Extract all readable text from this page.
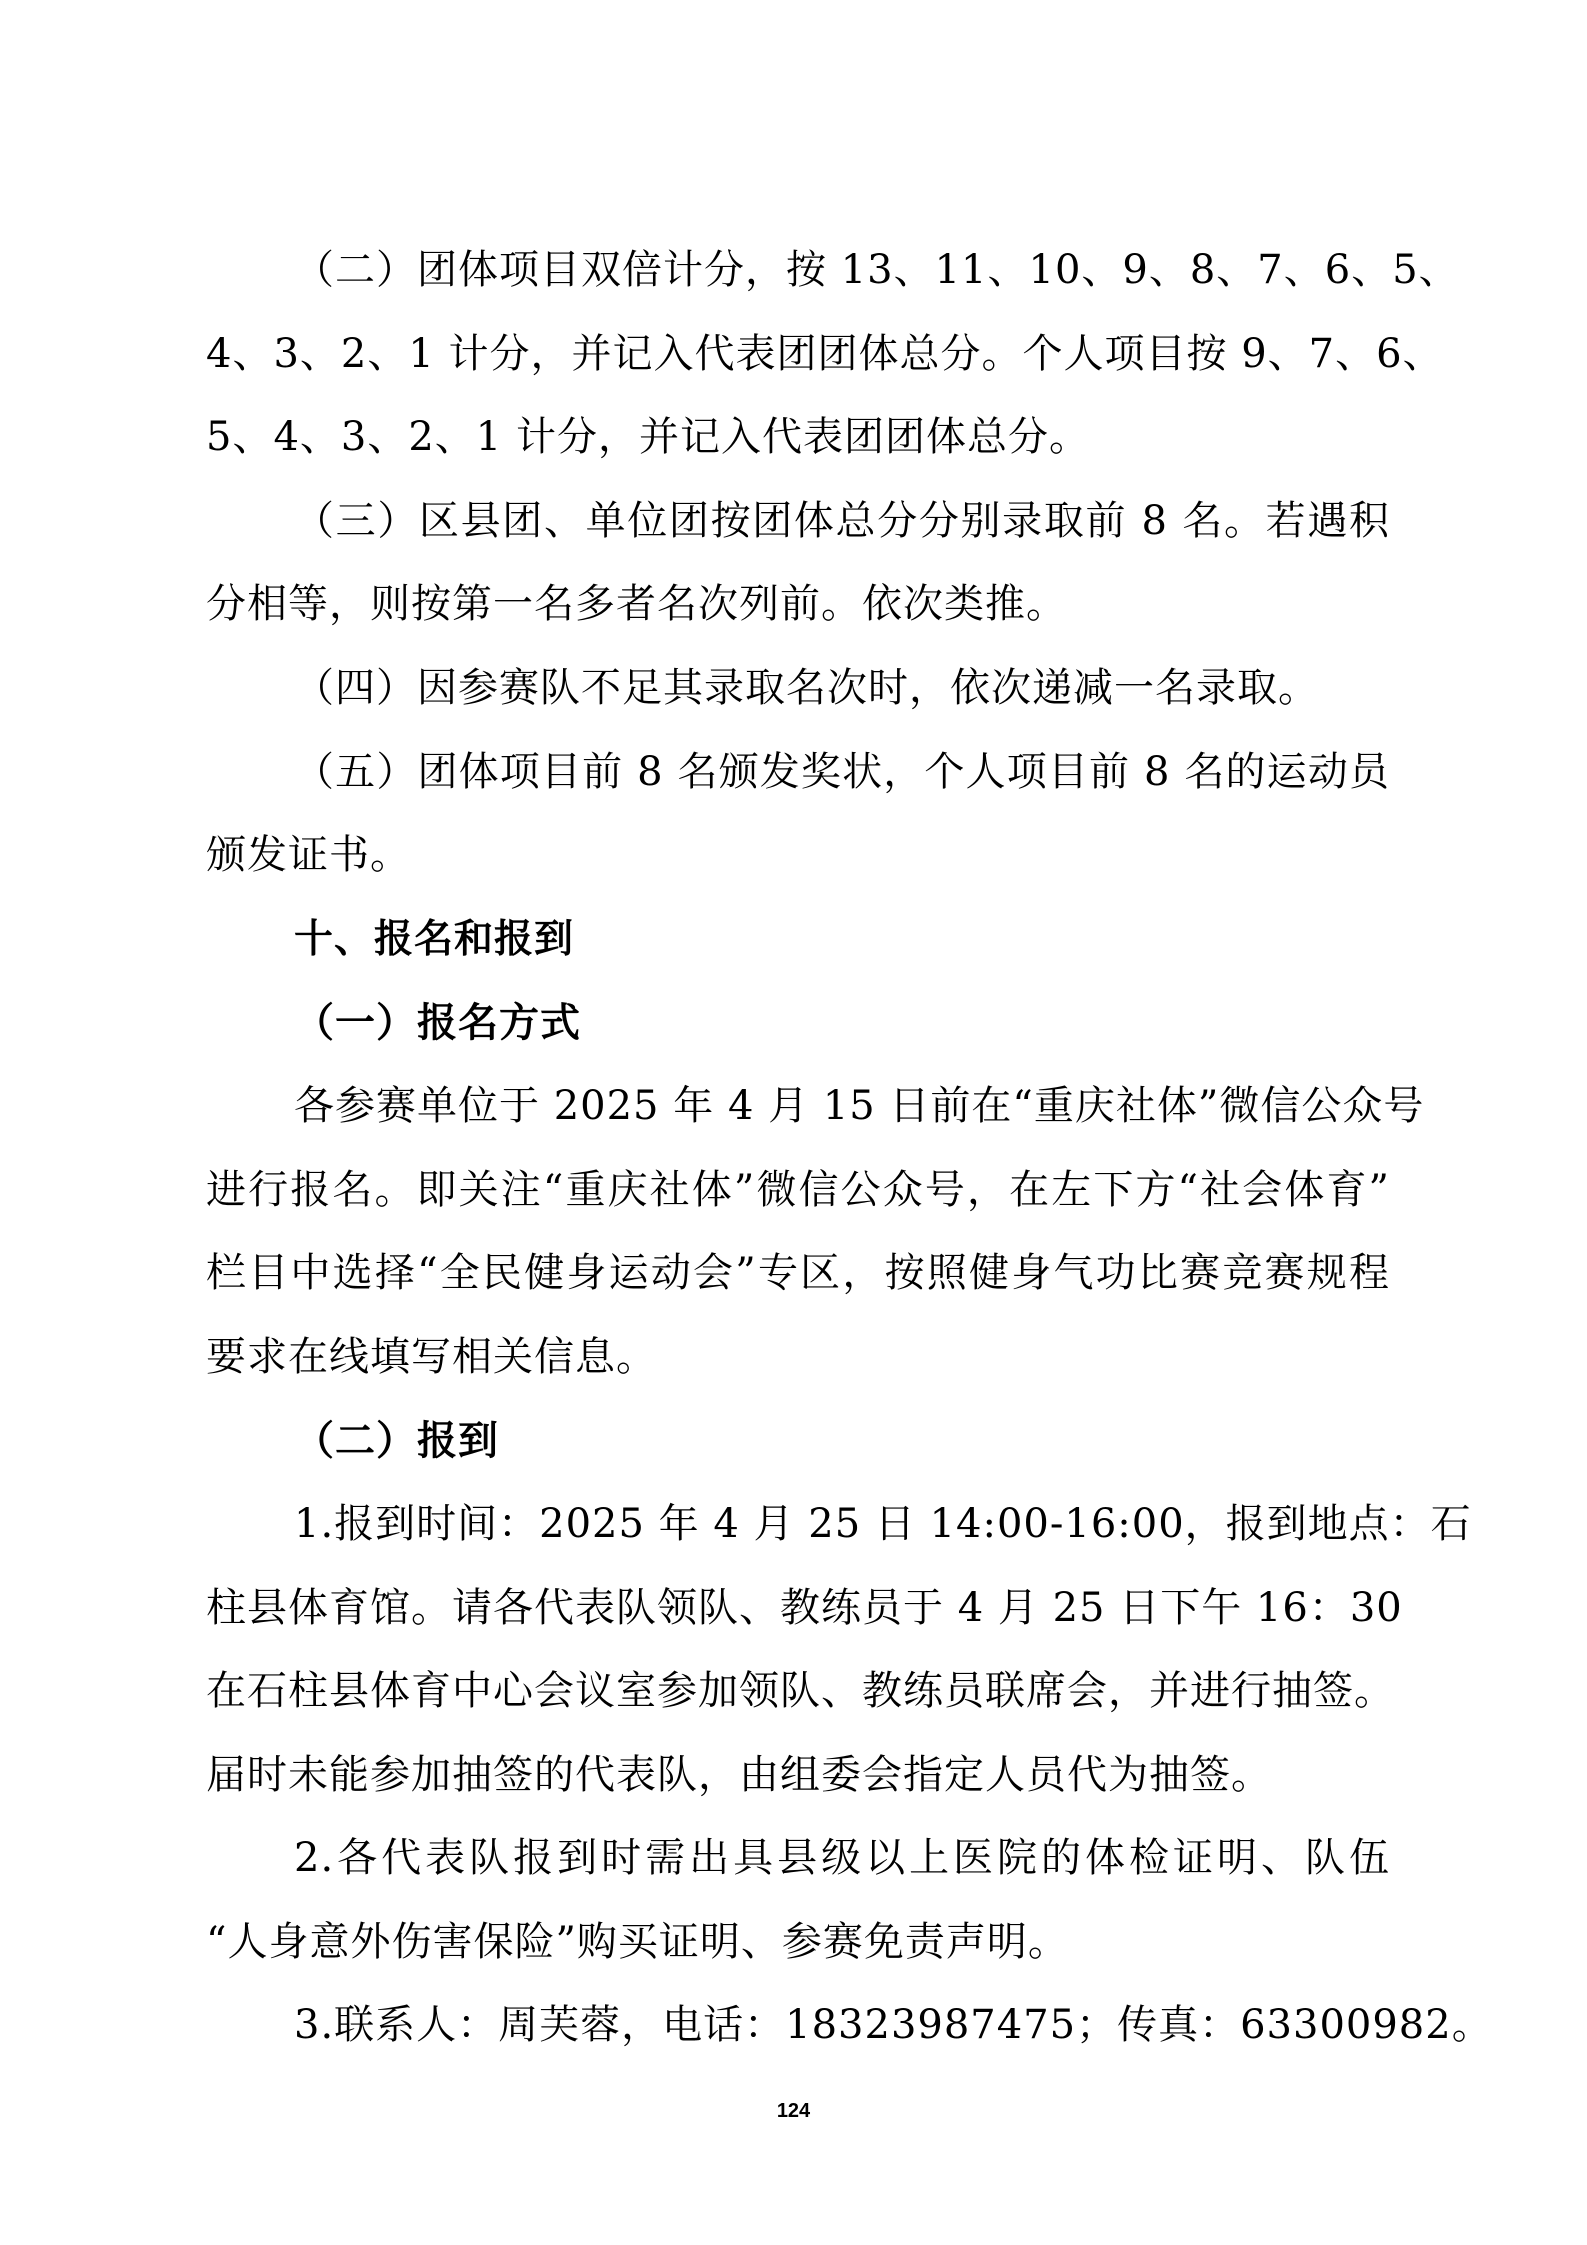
（二）团体项目双倍计分，按 13、11、10、9、8、7、6、5、
4、3、2、1 计分，并记入代表团团体总分。个人项目按 9、7、6、
5、4、3、2、1 计分，并记入代表团团体总分。
（三）区县团、单位团按团体总分分别录取前 8 名。若遇积
分相等，则按第一名多者名次列前。依次类推。
（四）因参赛队不足其录取名次时，依次递减一名录取。
（五）团体项目前 8 名颁发奖状，个人项目前 8 名的运动员
颁发证书。
十、报名和报到
（一）报名方式
各参赛单位于 2025 年 4 月 15 日前在“重庆社体”微信公众号
进行报名。即关注“重庆社体”微信公众号，在左下方“社会体育”
栏目中选择“全民健身运动会”专区，按照健身气功比赛竞赛规程
要求在线填写相关信息。
（二）报到
1.报到时间：2025 年 4 月 25 日 14:00-16:00，报到地点：石
柱县体育馆。请各代表队领队、教练员于 4 月 25 日下午 16：30
在石柱县体育中心会议室参加领队、教练员联席会，并进行抽签。
届时未能参加抽签的代表队，由组委会指定人员代为抽签。
2.各代表队报到时需出具县级以上医院的体检证明、队伍
“人身意外伤害保险”购买证明、参赛免责声明。
3.联系人：周芙蓉，电话：18323987475；传真：63300982。
124
